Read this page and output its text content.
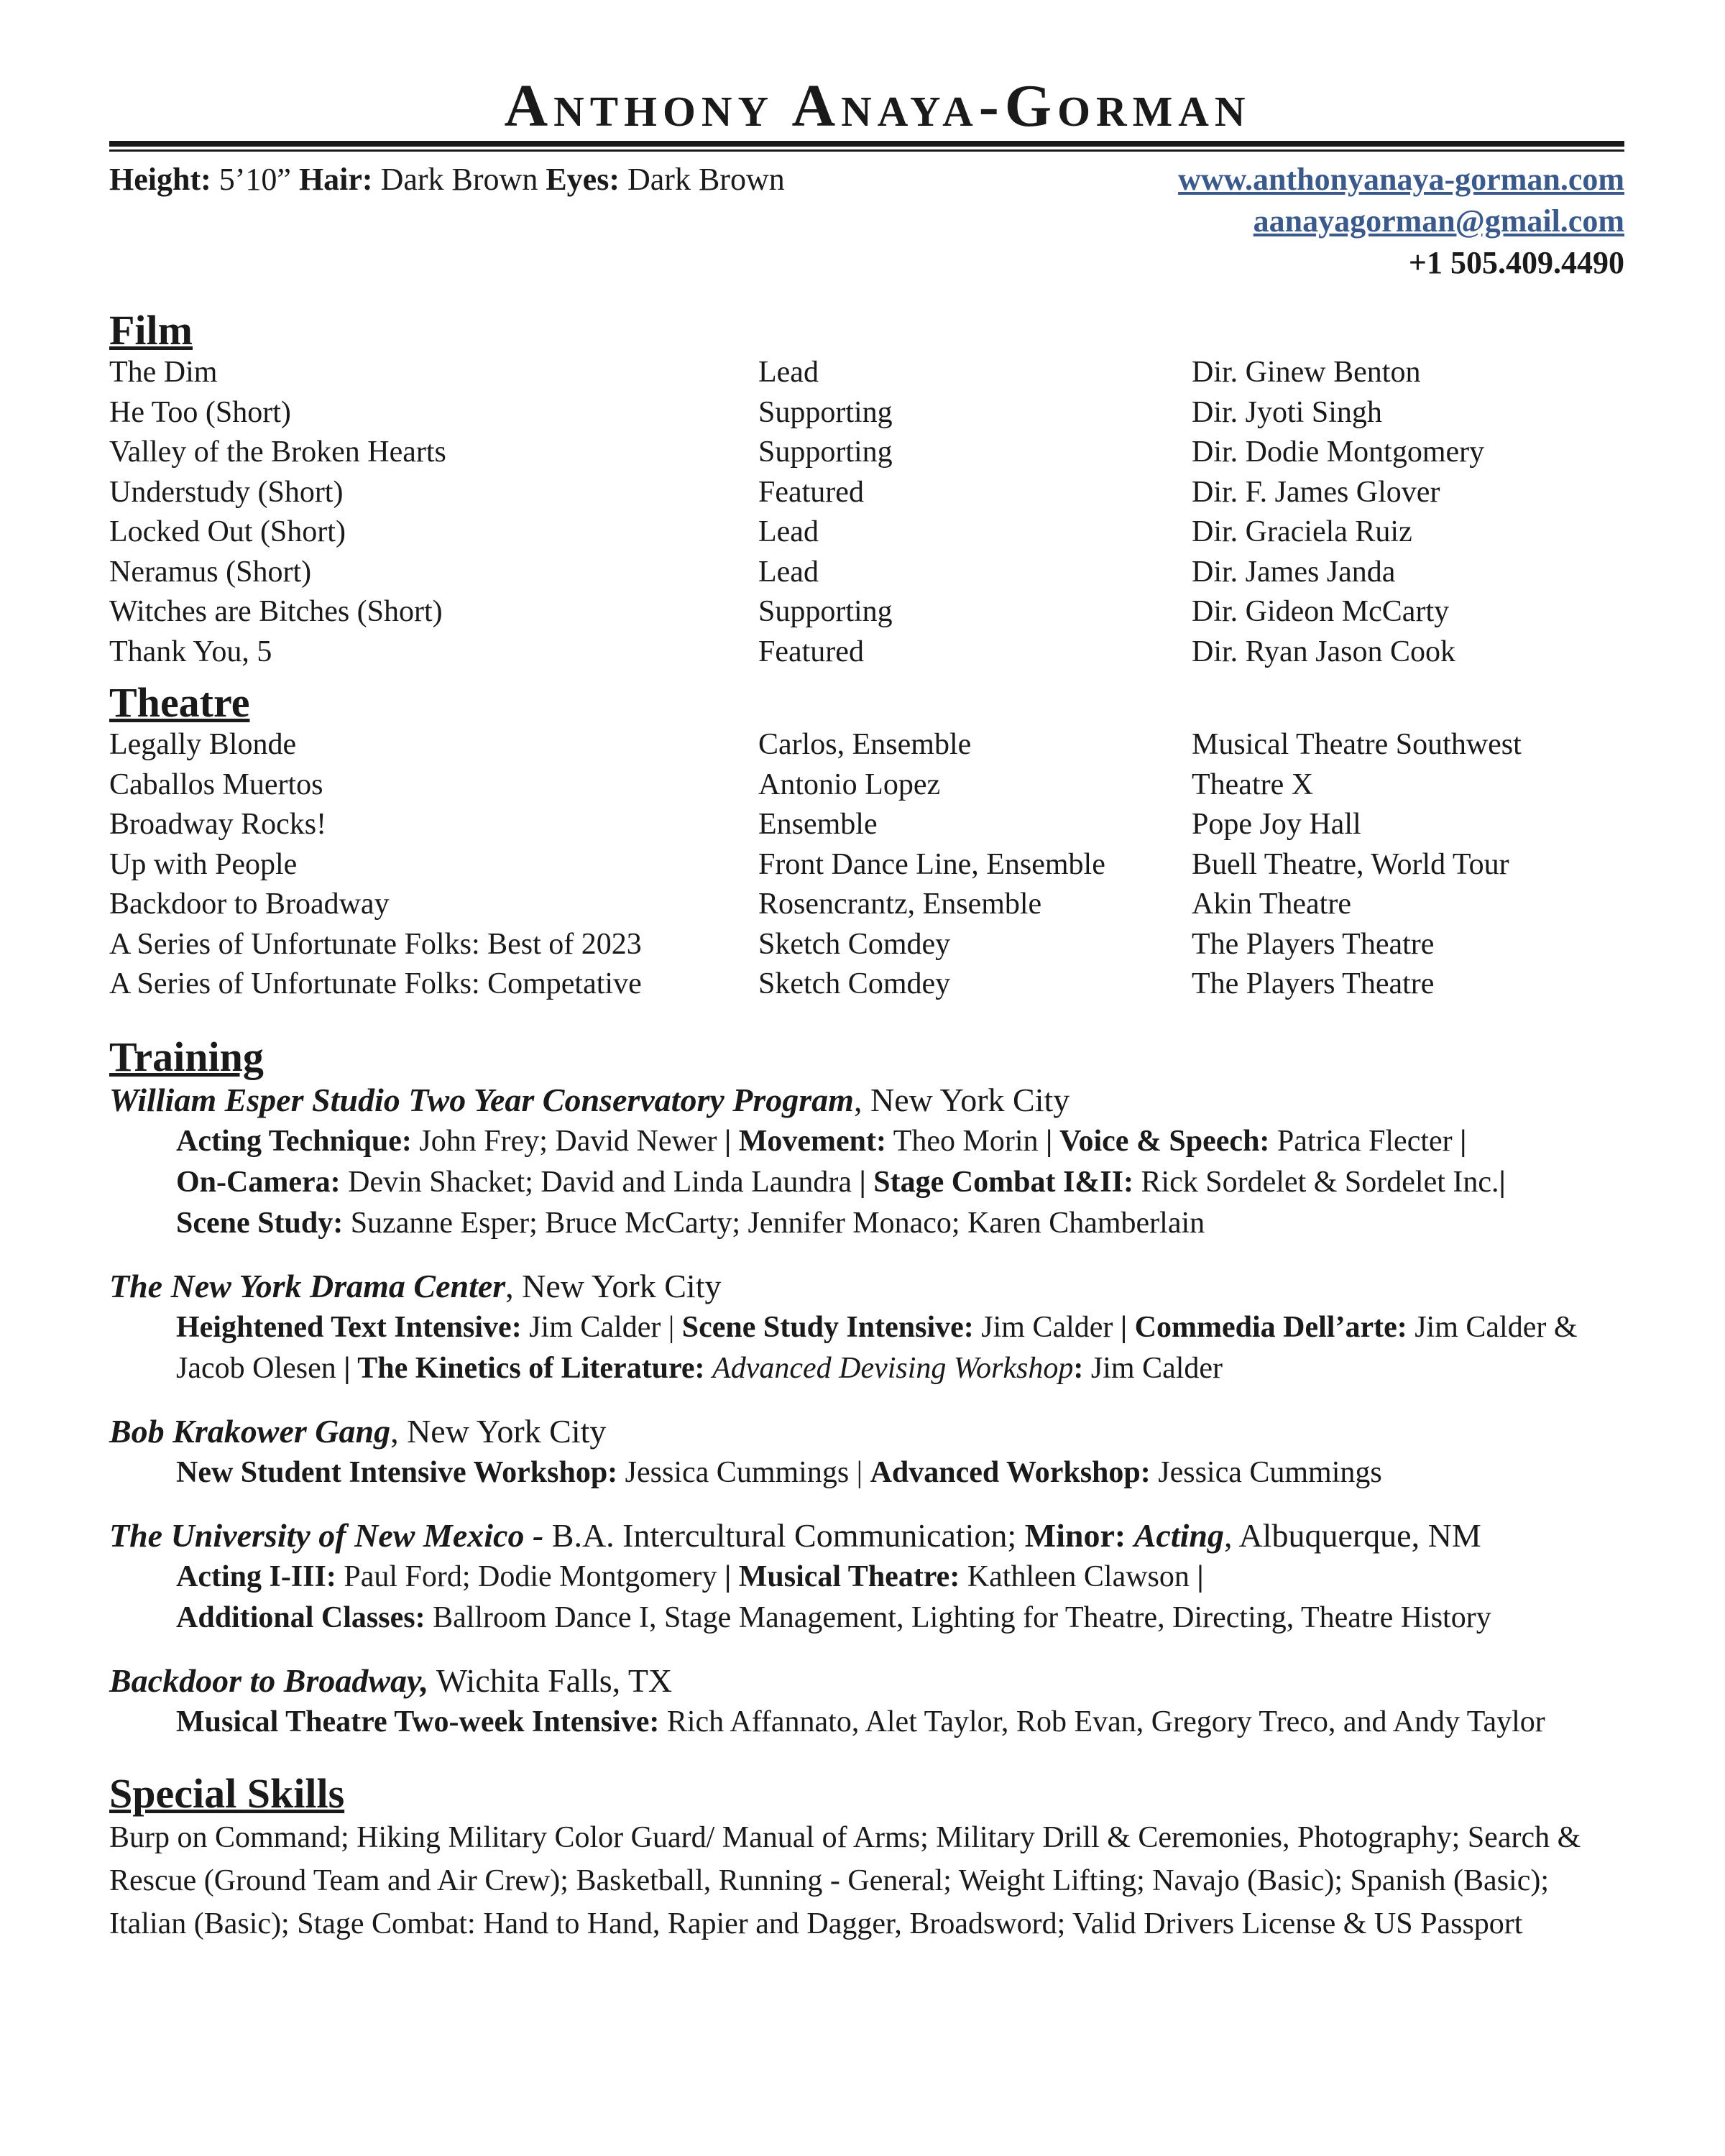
Anthony Anaya-Gorman
Height: 5’10” Hair: Dark Brown Eyes: Dark Brown	www.anthonyanaya-gorman.com
aanayagorman@gmail.com
+1 505.409.4490
Film
The Dim	Lead	Dir. Ginew Benton
He Too (Short)	Supporting	Dir. Jyoti Singh
Valley of the Broken Hearts	Supporting	Dir. Dodie Montgomery
Understudy (Short)	Featured	Dir. F. James Glover
Locked Out (Short)	Lead	Dir. Graciela Ruiz
Neramus (Short)	Lead	Dir. James Janda
Witches are Bitches (Short)	Supporting	Dir. Gideon McCarty
Thank You, 5	Featured	Dir. Ryan Jason Cook
Theatre
Legally Blonde	Carlos, Ensemble	Musical Theatre Southwest
Caballos Muertos	Antonio Lopez	Theatre X
Broadway Rocks!	Ensemble	Pope Joy Hall
Up with People	Front Dance Line, Ensemble	Buell Theatre, World Tour
Backdoor to Broadway	Rosencrantz, Ensemble	Akin Theatre
A Series of Unfortunate Folks: Best of 2023	Sketch Comdey	The Players Theatre
A Series of Unfortunate Folks: Competative	Sketch Comdey	The Players Theatre
Training
William Esper Studio Two Year Conservatory Program, New York City
Acting Technique: John Frey; David Newer | Movement: Theo Morin | Voice & Speech: Patrica Flecter |
On-Camera: Devin Shacket; David and Linda Laundra | Stage Combat I&II: Rick Sordelet & Sordelet Inc.|
Scene Study: Suzanne Esper; Bruce McCarty; Jennifer Monaco; Karen Chamberlain
The New York Drama Center, New York City
Heightened Text Intensive: Jim Calder | Scene Study Intensive: Jim Calder | Commedia Dell’arte: Jim Calder & Jacob Olesen | The Kinetics of Literature: Advanced Devising Workshop: Jim Calder
Bob Krakower Gang, New York City
New Student Intensive Workshop: Jessica Cummings | Advanced Workshop: Jessica Cummings
The University of New Mexico - B.A. Intercultural Communication; Minor: Acting, Albuquerque, NM
Acting I-III: Paul Ford; Dodie Montgomery | Musical Theatre: Kathleen Clawson |
Additional Classes: Ballroom Dance I, Stage Management, Lighting for Theatre, Directing, Theatre History
Backdoor to Broadway, Wichita Falls, TX
Musical Theatre Two-week Intensive: Rich Affannato, Alet Taylor, Rob Evan, Gregory Treco, and Andy Taylor
Special Skills
Burp on Command; Hiking Military Color Guard/ Manual of Arms; Military Drill & Ceremonies, Photography; Search & Rescue (Ground Team and Air Crew); Basketball, Running - General; Weight Lifting; Navajo (Basic); Spanish (Basic); Italian (Basic); Stage Combat: Hand to Hand, Rapier and Dagger, Broadsword; Valid Drivers License & US Passport
